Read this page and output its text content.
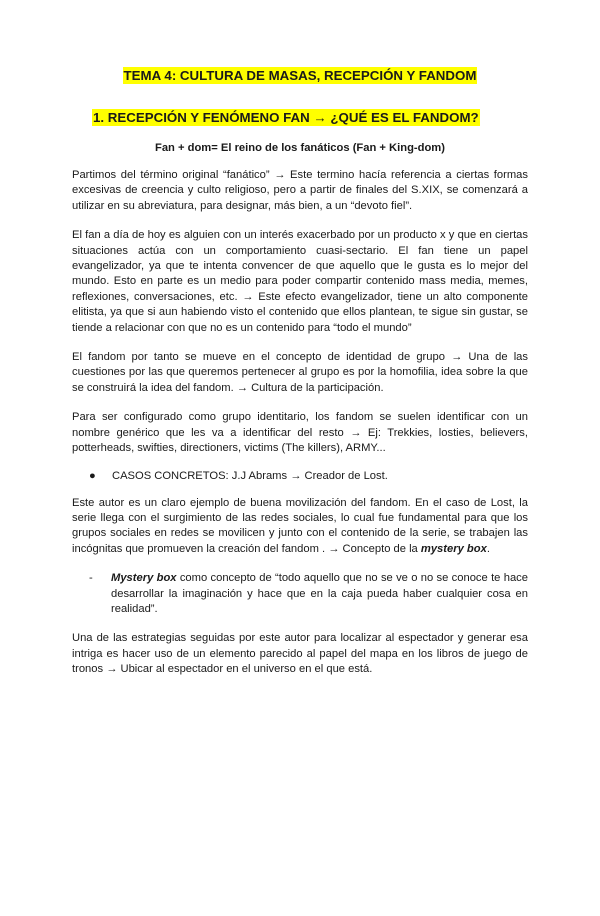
TEMA 4: CULTURA DE MASAS, RECEPCIÓN Y FANDOM
1. RECEPCIÓN Y FENÓMENO FAN → ¿QUÉ ES EL FANDOM?
Fan + dom= El reino de los fanáticos (Fan + King-dom)

Partimos del término original “fanático” → Este termino hacía referencia a ciertas formas excesivas de creencia y culto religioso, pero a partir de finales del S.XIX, se comenzará a utilizar en su abreviatura, para designar, más bien, a un “devoto fiel”.

El fan a día de hoy es alguien con un interés exacerbado por un producto x y que en ciertas situaciones actúa con un comportamiento cuasi-sectario. El fan tiene un papel evangelizador, ya que te intenta convencer de que aquello que le gusta es lo mejor del mundo. Esto en parte es un medio para poder compartir contenido mass media, memes, reflexiones, conversaciones, etc. → Este efecto evangelizador, tiene un alto componente elitista, ya que si aun habiendo visto el contenido que ellos plantean, te sigue sin gustar, se tiende a relacionar con que no es un contenido para “todo el mundo”

El fandom por tanto se mueve en el concepto de identidad de grupo → Una de las cuestiones por las que queremos pertenecer al grupo es por la homofilia, idea sobre la que se construirá la idea del fandom. → Cultura de la participación.

Para ser configurado como grupo identitario, los fandom se suelen identificar con un nombre genérico que les va a identificar del resto → Ej: Trekkies, losties, believers, potterheads, swifties, directioners, victims (The killers), ARMY...

●	CASOS CONCRETOS: J.J Abrams → Creador de Lost.

Este autor es un claro ejemplo de buena movilización del fandom. En el caso de Lost, la serie llega con el surgimiento de las redes sociales, lo cual fue fundamental para que los grupos sociales en redes se movilicen y junto con el contenido de la serie, se trabajen las incógnitas que promueven la creación del fandom . → Concepto de la mystery box.

-	Mystery box como concepto de “todo aquello que no se ve o no se conoce te hace desarrollar la imaginación y hace que en la caja pueda haber cualquier cosa en realidad”.

Una de las estrategias seguidas por este autor para localizar al espectador y generar esa intriga es hacer uso de un elemento parecido al papel del mapa en los libros de juego de tronos → Ubicar al espectador en el universo en el que está.
